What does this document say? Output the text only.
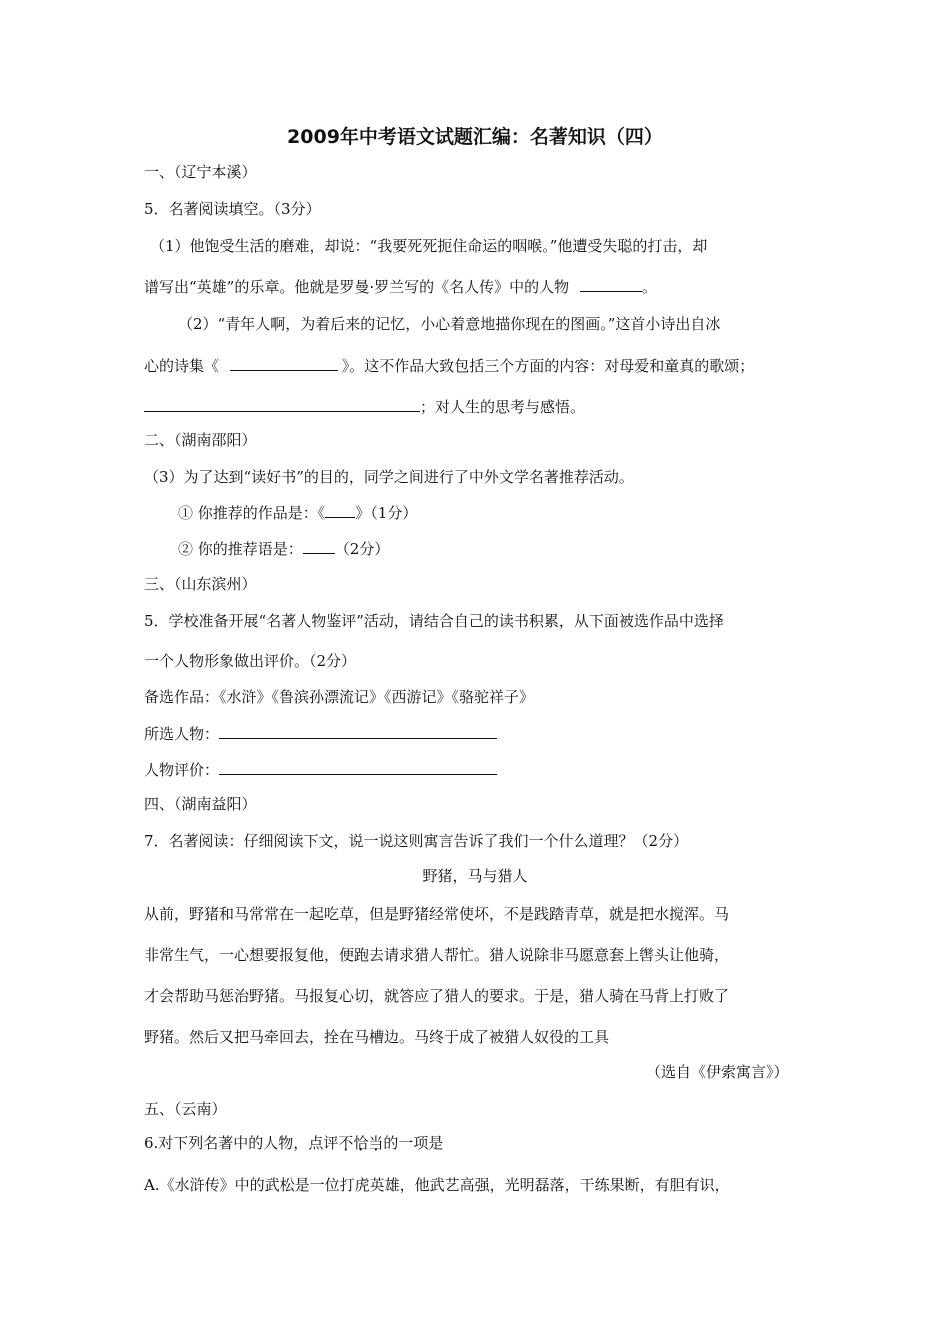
2009年中考语文试题汇编：名著知识（四）
一、（辽宁本溪）
5．名著阅读填空。（3分）
（1）他饱受生活的磨难，却说：“我要死死扼住命运的咽喉。”他遭受失聪的打击，却
谱写出“英雄”的乐章。他就是罗曼·罗兰写的《名人传》中的人物	。
（2）“青年人啊，为着后来的记忆，小心着意地描你现在的图画。”这首小诗出自冰
心的诗集《	》。这不作品大致包括三个方面的内容：对母爱和童真的歌颂；
；对人生的思考与感悟。
二、（湖南邵阳）
（3）为了达到“读好书”的目的，同学之间进行了中外文学名著推荐活动。
① 你推荐的作品是：《 》（1分）
② 你的推荐语是： （2分）
三、（山东滨州）
5．学校准备开展“名著人物鉴评”活动，请结合自己的读书积累，从下面被选作品中选择
一个人物形象做出评价。（2分）
备选作品：《水浒》《鲁滨孙漂流记》《西游记》《骆驼祥子》
所选人物：
人物评价：
四、（湖南益阳）
7．名著阅读：仔细阅读下文，说一说这则寓言告诉了我们一个什么道理？（2分）
野猪，马与猎人
从前，野猪和马常常在一起吃草，但是野猪经常使坏，不是践踏青草，就是把水搅浑。马
非常生气，一心想要报复他，便跑去请求猎人帮忙。猎人说除非马愿意套上辔头让他骑，
才会帮助马惩治野猪。马报复心切，就答应了猎人的要求。于是，猎人骑在马背上打败了
野猪。然后又把马牵回去，拴在马槽边。马终于成了被猎人奴役的工具
（选自《伊索寓言》）
五、（云南）
6.对下列名著中的人物，点评不恰当的一项是
A.《水浒传》中的武松是一位打虎英雄，他武艺高强，光明磊落，干练果断，有胆有识，
